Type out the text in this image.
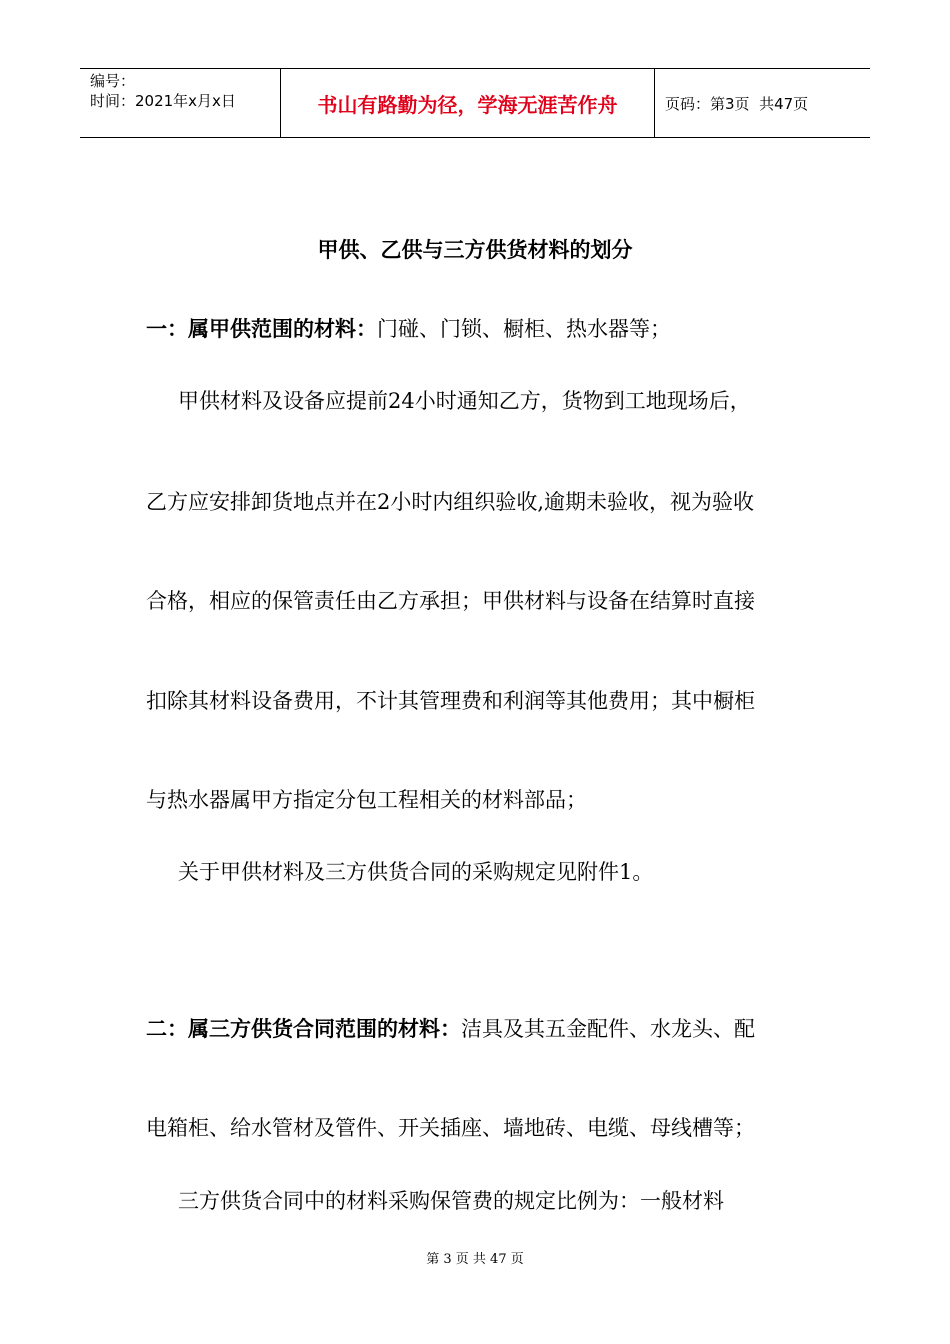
编号：
时间：2021年x月x日	书山有路勤为径，学海无涯苦作舟	页码：第3页  共47页
甲供、乙供与三方供货材料的划分
一：属甲供范围的材料：门碰、门锁、橱柜、热水器等；
甲供材料及设备应提前24小时通知乙方，货物到工地现场后，
乙方应安排卸货地点并在2小时内组织验收,逾期未验收，视为验收
合格，相应的保管责任由乙方承担；甲供材料与设备在结算时直接
扣除其材料设备费用，不计其管理费和利润等其他费用；其中橱柜
与热水器属甲方指定分包工程相关的材料部品；
关于甲供材料及三方供货合同的采购规定见附件1。
二：属三方供货合同范围的材料：洁具及其五金配件、水龙头、配
电箱柜、给水管材及管件、开关插座、墙地砖、电缆、母线槽等；
三方供货合同中的材料采购保管费的规定比例为：一般材料
第 3 页 共 47 页
